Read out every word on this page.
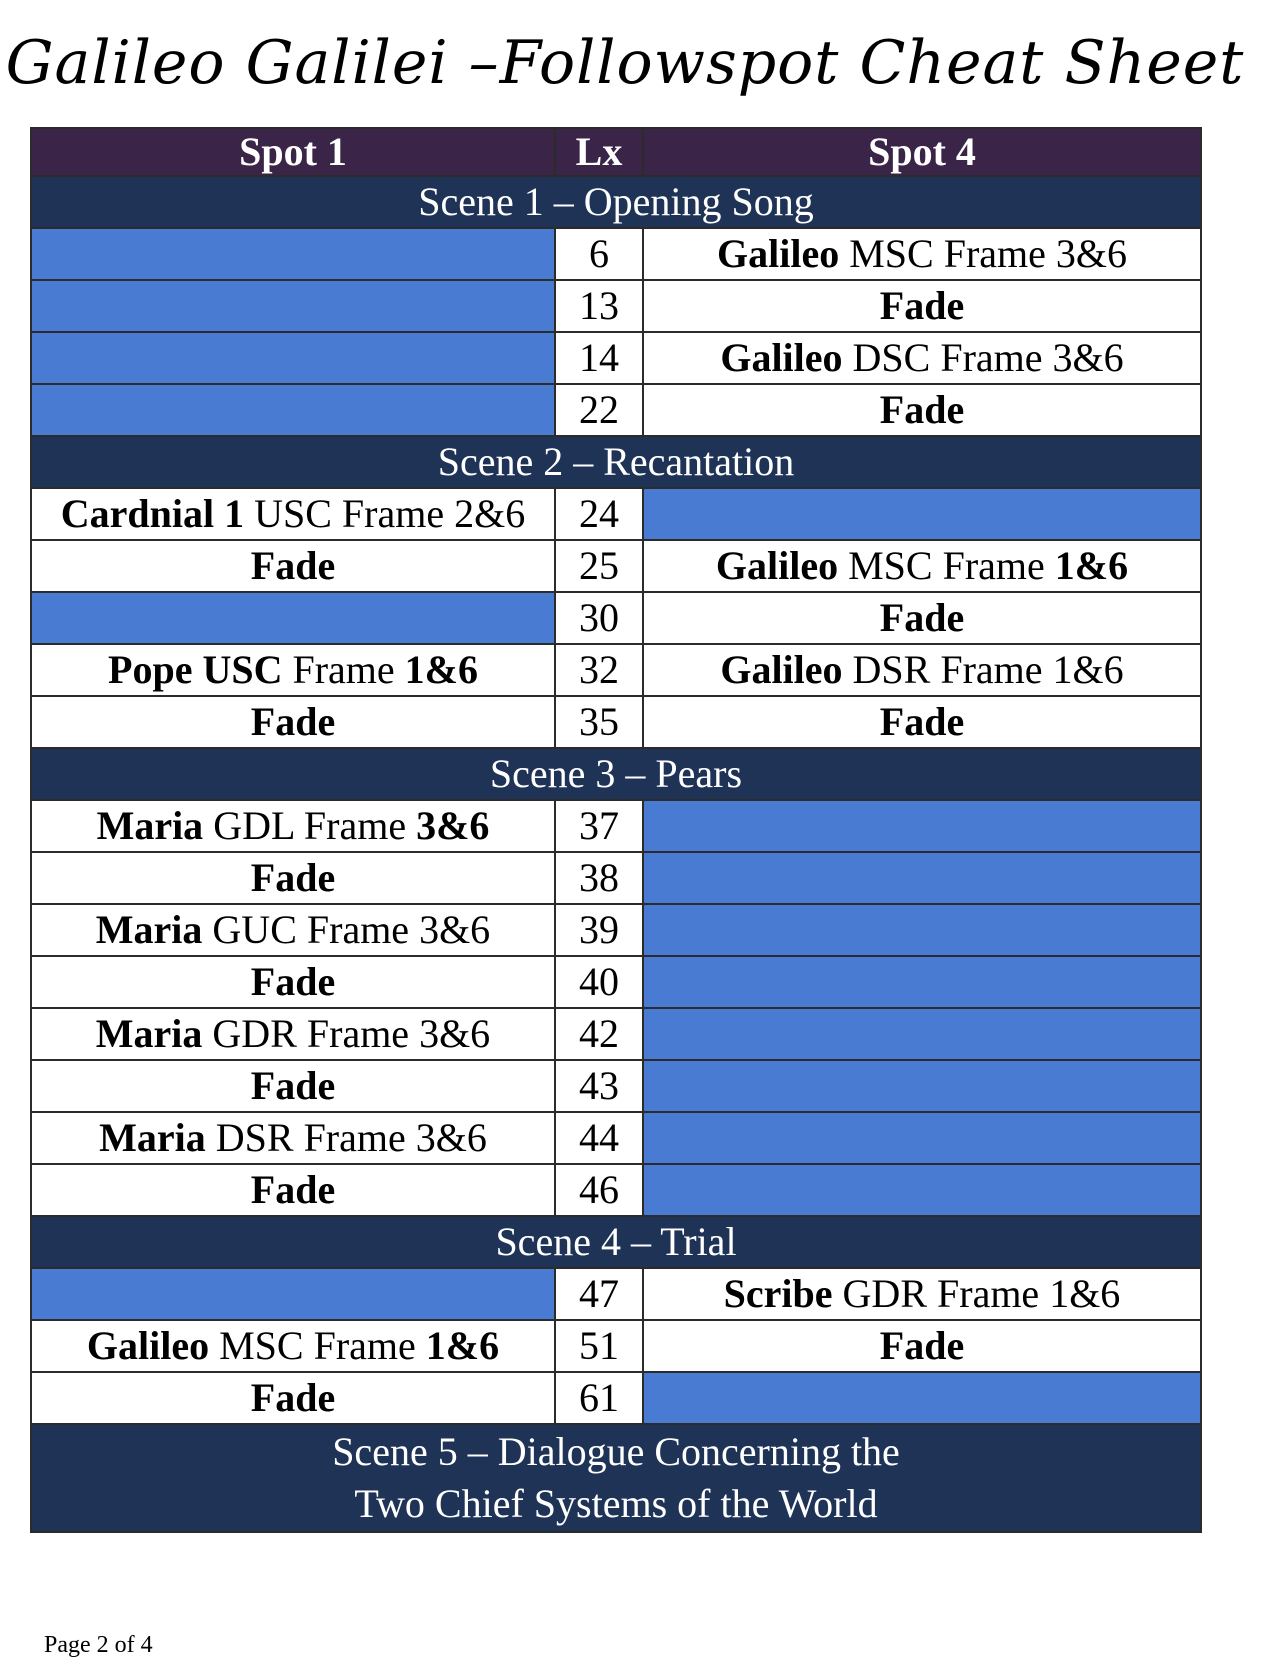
Galileo Galilei –Followspot Cheat Sheet
Spot 1	Lx	Spot 4
Scene 1 – Opening Song		
	6	Galileo MSC Frame 3&6
	13	Fade
	14	Galileo DSC Frame 3&6
	22	Fade
Scene 2 – Recantation		
Cardnial 1 USC Frame 2&6	24	
Fade	25	Galileo MSC Frame 1&6
	30	Fade
Pope USC Frame 1&6	32	Galileo DSR Frame 1&6
Fade	35	Fade
Scene 3 – Pears		
Maria GDL Frame 3&6	37	
Fade	38	
Maria GUC Frame 3&6	39	
Fade	40	
Maria GDR Frame 3&6	42	
Fade	43	
Maria DSR Frame 3&6	44	
Fade	46	
Scene 4 – Trial		
	47	Scribe GDR Frame 1&6
Galileo MSC Frame 1&6	51	Fade
Fade	61	

Scene 5 – Dialogue Concerning the
Two Chief Systems of the World		
Page 2 of 4
